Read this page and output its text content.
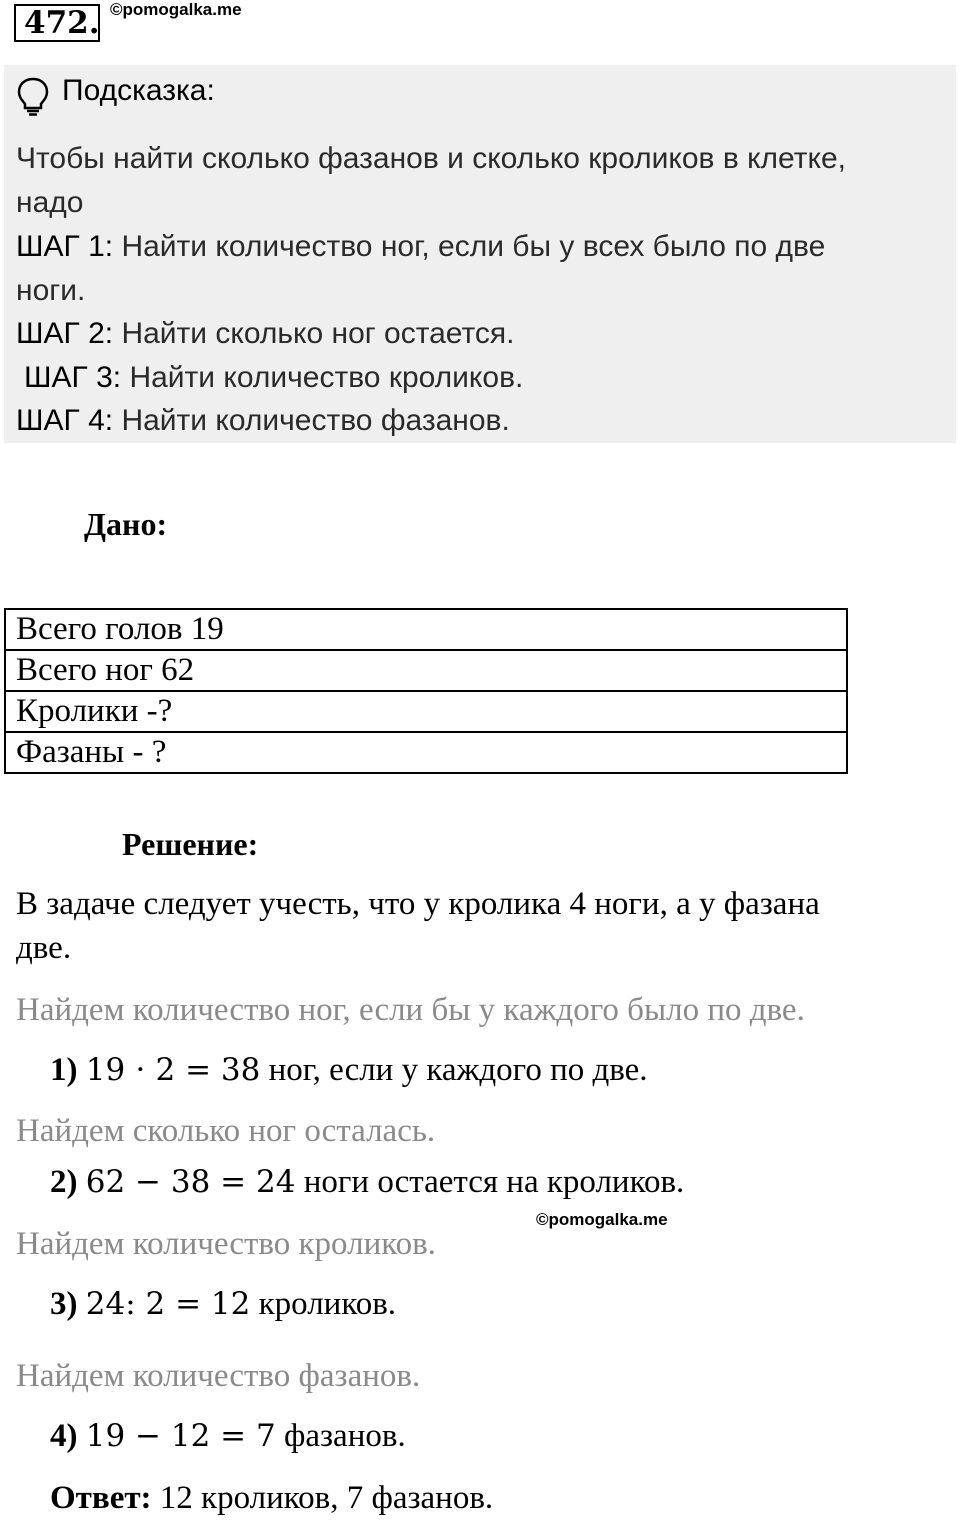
472. ©pomogalka.me
Подсказка:
Чтобы найти сколько фазанов и сколько кроликов в клетке,
надо
ШАГ 1: Найти количество ног, если бы у всех было по две
ноги.
ШАГ 2: Найти сколько ног остается.
ШАГ 3: Найти количество кроликов.
ШАГ 4: Найти количество фазанов.
Дано:
Всего голов 19
Всего ног 62
Кролики -?
Фазаны - ?
Решение:
В задаче следует учесть, что у кролика 4 ноги, а у фазана
две.
Найдем количество ног, если бы у каждого было по две.
1) 19 ⋅ 2 = 38 ног, если у каждого по две.
Найдем сколько ног осталась.
2) 62 − 38 = 24 ноги остается на кроликов.
©pomogalka.me
Найдем количество кроликов.
3) 24: 2 = 12 кроликов.
Найдем количество фазанов.
4) 19 − 12 = 7 фазанов.
Ответ: 12 кроликов, 7 фазанов.
